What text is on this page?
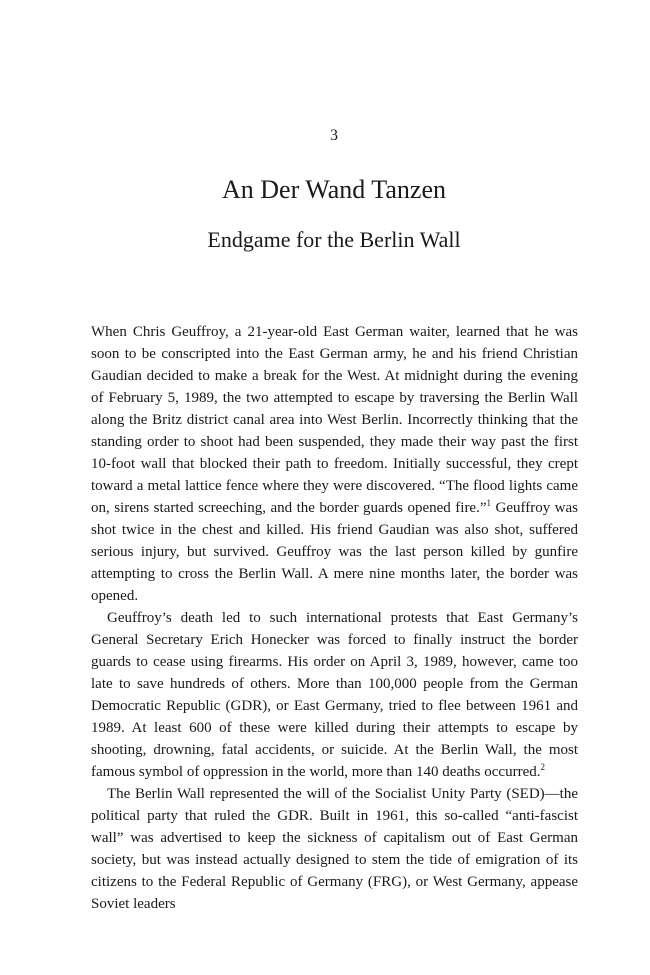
3
An Der Wand Tanzen
Endgame for the Berlin Wall

When Chris Geuffroy, a 21-year-old East German waiter, learned that he was soon to be conscripted into the East German army, he and his friend Christian Gaudian decided to make a break for the West. At midnight during the evening of February 5, 1989, the two attempted to escape by traversing the Berlin Wall along the Britz district canal area into West Berlin. Incorrectly thinking that the standing order to shoot had been suspended, they made their way past the first 10-foot wall that blocked their path to freedom. Initially successful, they crept toward a metal lattice fence where they were discovered. “The flood lights came on, sirens started screeching, and the border guards opened fire.”$^1$ Geuffroy was shot twice in the chest and killed. His friend Gaudian was also shot, suffered serious injury, but survived. Geuffroy was the last person killed by gunfire attempting to cross the Berlin Wall. A mere nine months later, the border was opened.

Geuffroy’s death led to such international protests that East Germany’s General Secretary Erich Honecker was forced to finally instruct the border guards to cease using firearms. His order on April 3, 1989, however, came too late to save hundreds of others. More than 100,000 people from the German Democratic Republic (GDR), or East Germany, tried to flee between 1961 and 1989. At least 600 of these were killed during their attempts to escape by shooting, drowning, fatal accidents, or suicide. At the Berlin Wall, the most famous symbol of oppression in the world, more than 140 deaths occurred.$^2$

The Berlin Wall represented the will of the Socialist Unity Party (SED)—the political party that ruled the GDR. Built in 1961, this so-called “anti-fascist wall” was advertised to keep the sickness of capitalism out of East German society, but was instead actually designed to stem the tide of emigration of its citizens to the Federal Republic of Germany (FRG), or West Germany, appease Soviet leaders
